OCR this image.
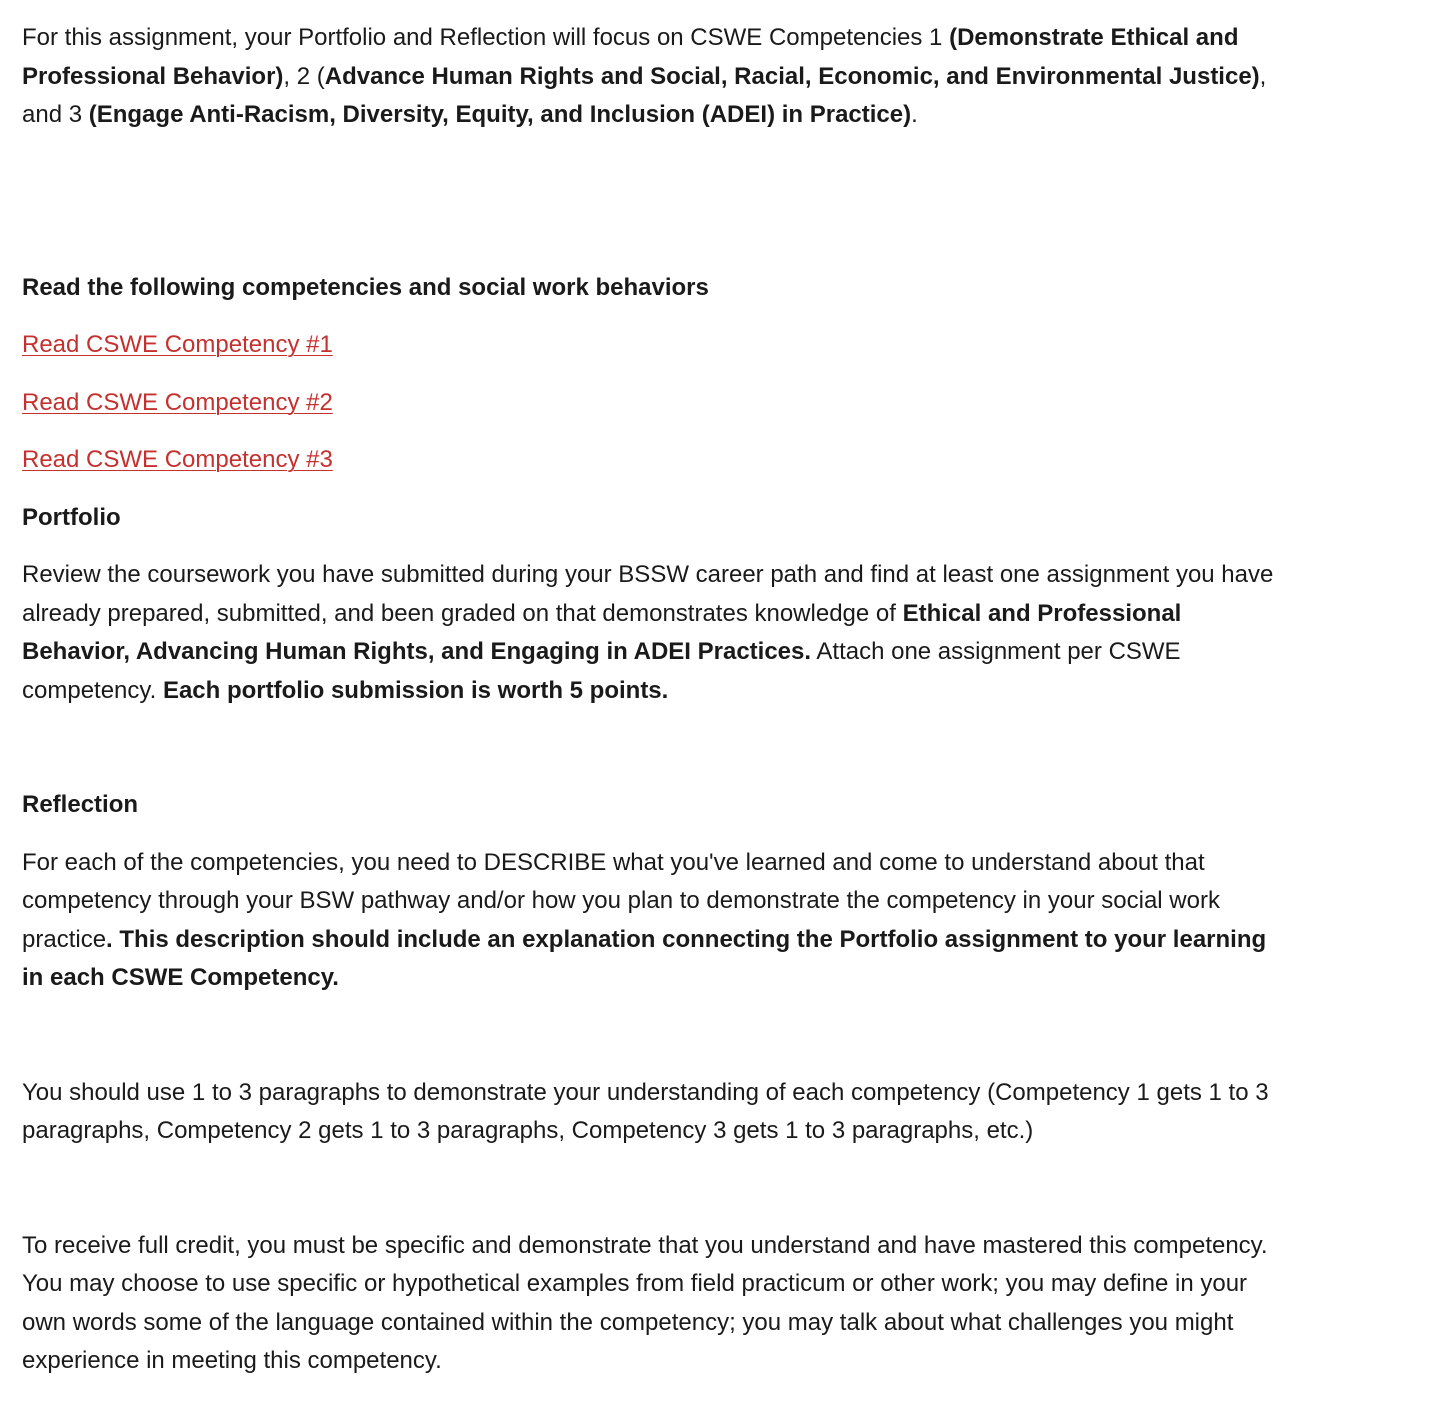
For this assignment, your Portfolio and Reflection will focus on CSWE Competencies 1 (Demonstrate Ethical and Professional Behavior), 2 (Advance Human Rights and Social, Racial, Economic, and Environmental Justice), and 3 (Engage Anti-Racism, Diversity, Equity, and Inclusion (ADEI) in Practice).

Read the following competencies and social work behaviors

Read CSWE Competency #1

Read CSWE Competency #2

Read CSWE Competency #3

Portfolio

Review the coursework you have submitted during your BSSW career path and find at least one assignment you have already prepared, submitted, and been graded on that demonstrates knowledge of Ethical and Professional Behavior, Advancing Human Rights, and Engaging in ADEI Practices. Attach one assignment per CSWE competency. Each portfolio submission is worth 5 points.

Reflection

For each of the competencies, you need to DESCRIBE what you've learned and come to understand about that competency through your BSW pathway and/or how you plan to demonstrate the competency in your social work practice. This description should include an explanation connecting the Portfolio assignment to your learning in each CSWE Competency.

You should use 1 to 3 paragraphs to demonstrate your understanding of each competency (Competency 1 gets 1 to 3 paragraphs, Competency 2 gets 1 to 3 paragraphs, Competency 3 gets 1 to 3 paragraphs, etc.)

To receive full credit, you must be specific and demonstrate that you understand and have mastered this competency. You may choose to use specific or hypothetical examples from field practicum or other work; you may define in your own words some of the language contained within the competency; you may talk about what challenges you might experience in meeting this competency.
